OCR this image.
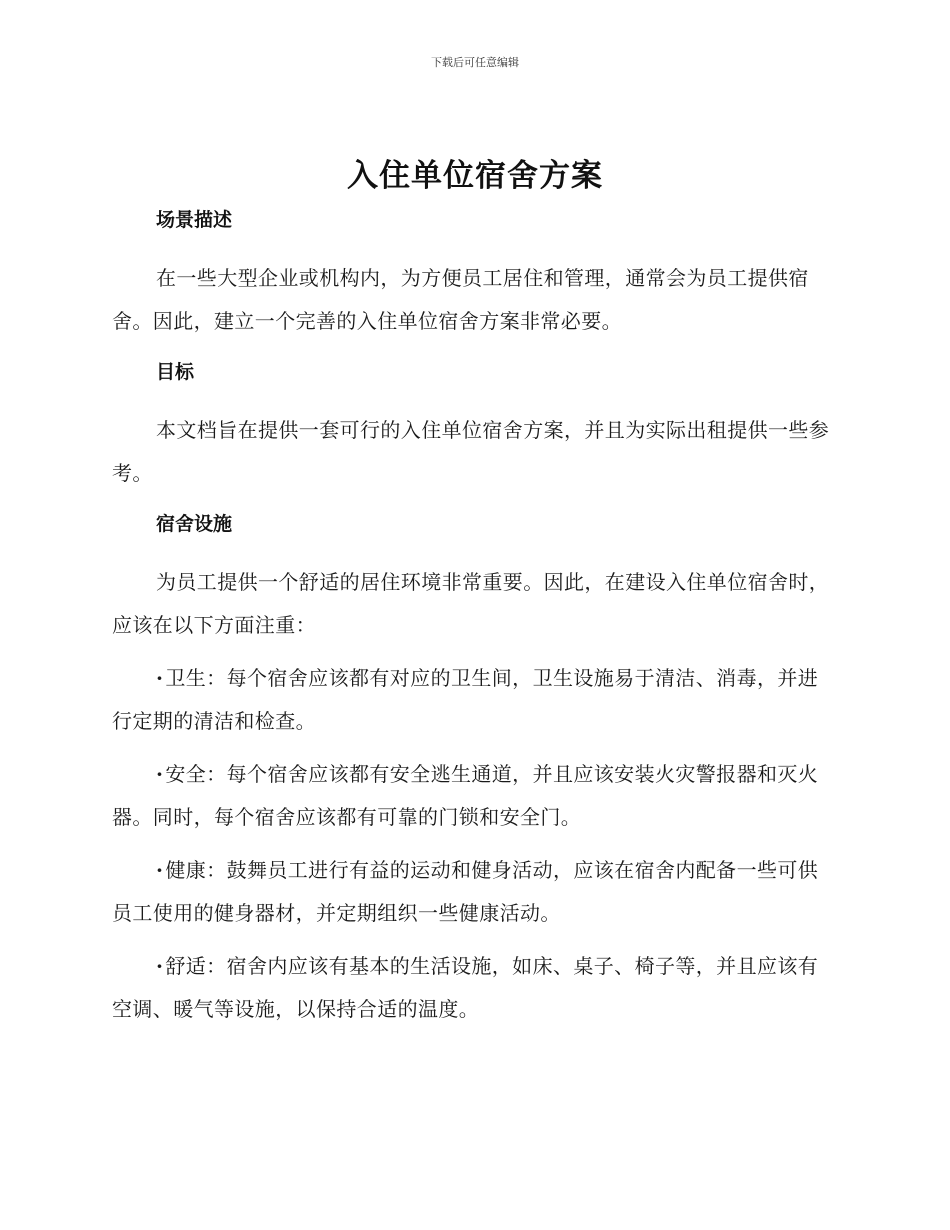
下载后可任意编辑
入住单位宿舍方案
场景描述

在一些大型企业或机构内，为方便员工居住和管理，通常会为员工提供宿舍。因此，建立一个完善的入住单位宿舍方案非常必要。

目标

本文档旨在提供一套可行的入住单位宿舍方案，并且为实际出租提供一些参考。

宿舍设施

为员工提供一个舒适的居住环境非常重要。因此，在建设入住单位宿舍时，应该在以下方面注重：

· 卫生：每个宿舍应该都有对应的卫生间，卫生设施易于清洁、消毒，并进行定期的清洁和检查。

· 安全：每个宿舍应该都有安全逃生通道，并且应该安装火灾警报器和灭火器。同时，每个宿舍应该都有可靠的门锁和安全门。

· 健康：鼓舞员工进行有益的运动和健身活动，应该在宿舍内配备一些可供员工使用的健身器材，并定期组织一些健康活动。

· 舒适：宿舍内应该有基本的生活设施，如床、桌子、椅子等，并且应该有空调、暖气等设施，以保持合适的温度。
